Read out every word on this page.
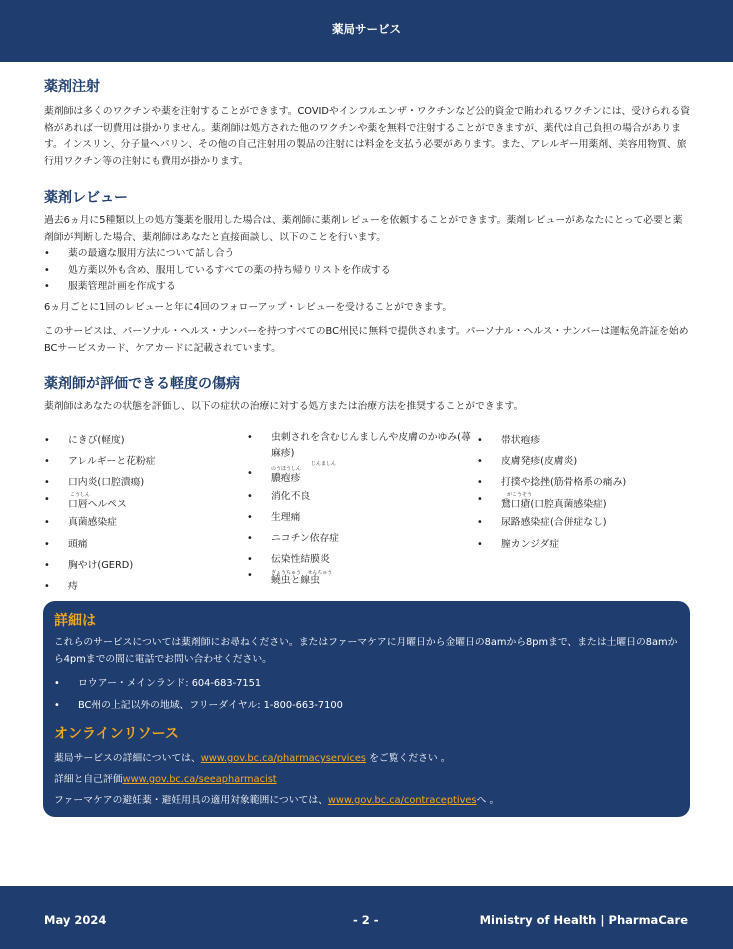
薬局サービス
薬剤注射

薬剤師は多くのワクチンや薬を注射することができます。COVIDやインフルエンザ・ワクチンなど公的資金で賄われるワクチンには、受けられる資格があれば一切費用は掛かりません。薬剤師は処方された他のワクチンや薬を無料で注射することができますが、薬代は自己負担の場合があります。インスリン、分子量へパリン、その他の自己注射用の製品の注射には料金を支払う必要があります。また、アレルギー用薬剤、美容用物質、旅行用ワクチン等の注射にも費用が掛かります。

薬剤レビュー

過去6ヵ月に5種類以上の処方箋薬を服用した場合は、薬剤師に薬剤レビューを依頼することができます。薬剤レビューがあなたにとって必要と薬剤師が判断した場合、薬剤師はあなたと直接面談し、以下のことを行います。

• 薬の最適な服用方法について話し合う
• 処方薬以外も含め、服用しているすべての薬の持ち帰りリストを作成する
• 服薬管理計画を作成する

6ヵ月ごとに1回のレビューと年に4回のフォローアップ・レビューを受けることができます。

このサービスは、パーソナル・ヘルス・ナンバーを持つすべてのBC州民に無料で提供されます。パーソナル・ヘルス・ナンバーは運転免許証を始めBCサービスカード、ケアカードに記載されています。

薬剤師が評価できる軽度の傷病

薬剤師はあなたの状態を評価し、以下の症状の治療に対する処方または治療方法を推奨することができます。

• にきび(軽度)
• アレルギーと花粉症
• 口内炎(口腔潰瘍)
• こうしん
口唇ヘルペス
• 真菌感染症
• 頭痛
• 胸やけ(GERD)
• 痔
• 虫刺されを含むじんましんや皮膚のかゆみ(蕁麻疹)
じんましん
• のうほうしん
膿疱疹
• 消化不良
• 生理痛
• ニコチン依存症
• 伝染性結膜炎
• ぎょうちゅう せんちゅう
蟯虫と線虫
• 帯状疱疹
• 皮膚発疹(皮膚炎)
• 打撲や捻挫(筋骨格系の痛み)
• がこうそう
鵞口瘡(口腔真菌感染症)
• 尿路感染症(合併症なし)
• 膣カンジダ症
詳細は

これらのサービスについては薬剤師にお尋ねください。またはファーマケアに月曜日から金曜日の8amから8pmまで、または土曜日の8amから4pmまでの間に電話でお問い合わせください。

• ロウアー・メインランド: 604-683-7151
• BC州の上記以外の地域、フリーダイヤル: 1-800-663-7100
オンラインリソース

薬局サービスの詳細については、www.gov.bc.ca/pharmacyservices をご覧ください 。

詳細と自己評価www.gov.bc.ca/seeapharmacist

ファーマケアの避妊薬・避妊用具の適用対象範囲については、www.gov.bc.ca/contraceptivesへ 。

May 2024	- 2 -	Ministry of Health | PharmaCare
